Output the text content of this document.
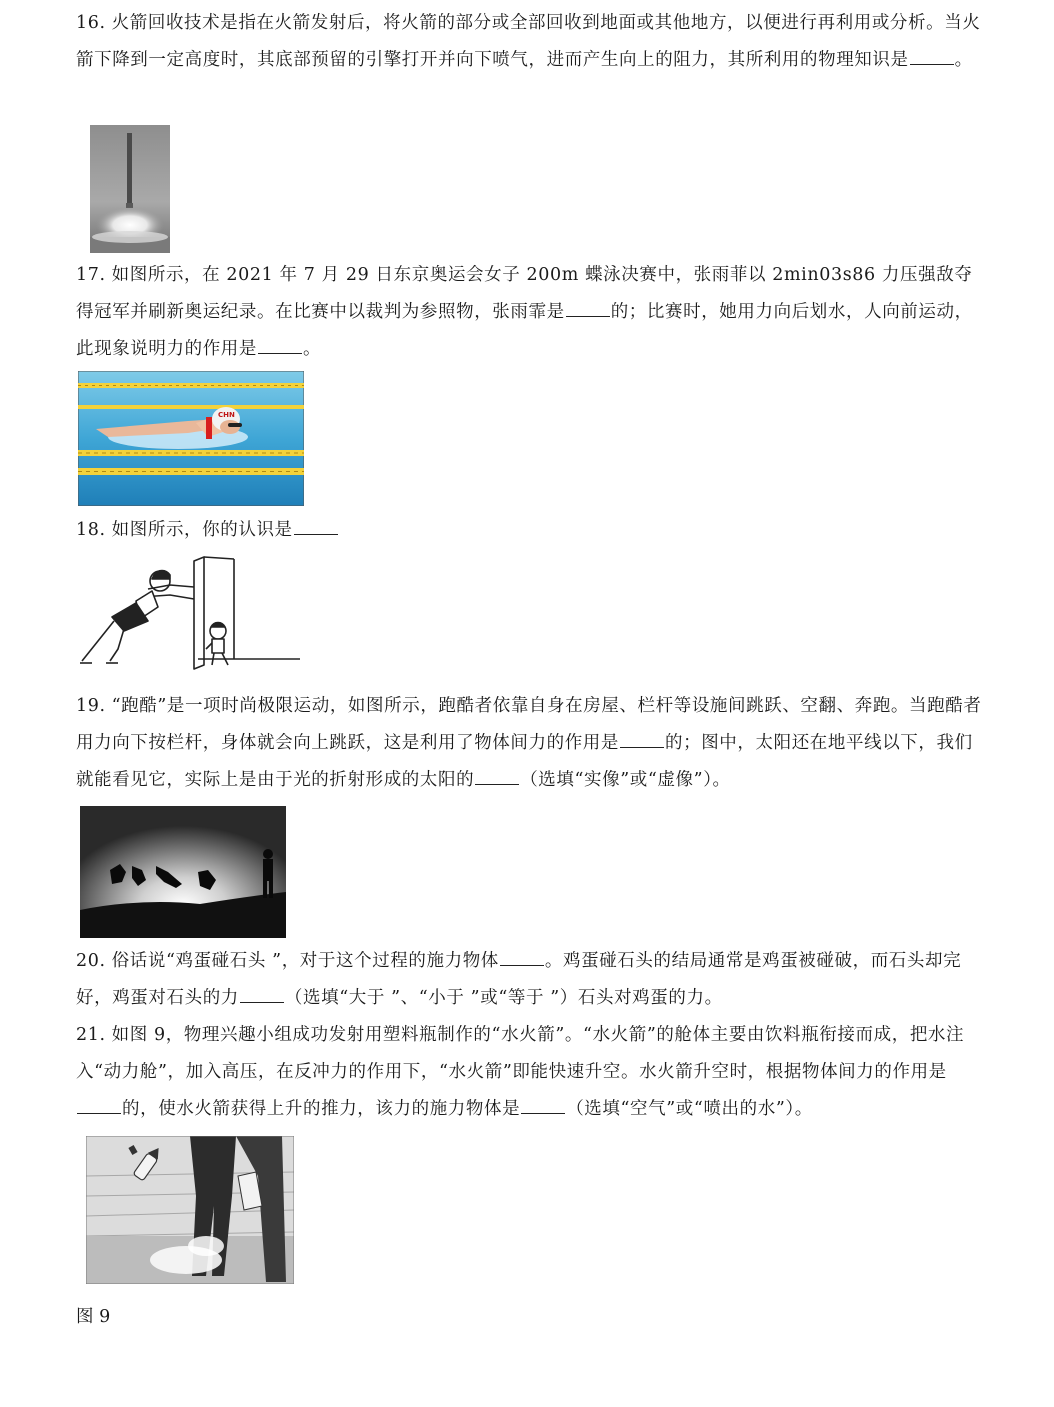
16. 火箭回收技术是指在火箭发射后，将火箭的部分或全部回收到地面或其他地方，以便进行再利用或分析。当火箭下降到一定高度时，其底部预留的引擎打开并向下喷气，进而产生向上的阻力，其所利用的物理知识是	。

17. 如图所示，在 2021 年 7 月 29 日东京奥运会女子 200m 蝶泳决赛中，张雨菲以 2min03s86 力压强敌夺得冠军并刷新奥运纪录。在比赛中以裁判为参照物，张雨霏是	的；比赛时，她用力向后划水，人向前运动，此现象说明力的作用是	。

CHN

18. 如图所示，你的认识是

19. “跑酷”是一项时尚极限运动，如图所示，跑酷者依靠自身在房屋、栏杆等设施间跳跃、空翻、奔跑。当跑酷者用力向下按栏杆，身体就会向上跳跃，这是利用了物体间力的作用是	的；图中，太阳还在地平线以下，我们就能看见它，实际上是由于光的折射形成的太阳的	（选填“实像”或“虚像”）。

20. 俗话说“鸡蛋碰石头 ”，对于这个过程的施力物体	。鸡蛋碰石头的结局通常是鸡蛋被碰破，而石头却完好，鸡蛋对石头的力	（选填“大于 ”、“小于 ”或“等于 ”）石头对鸡蛋的力。

21. 如图 9，物理兴趣小组成功发射用塑料瓶制作的“水火箭”。“水火箭”的舱体主要由饮料瓶衔接而成，把水注入“动力舱”，加入高压，在反冲力的作用下，“水火箭”即能快速升空。水火箭升空时，根据物体间力的作用是的，使水火箭获得上升的推力，该力的施力物体是	（选填“空气”或“喷出的水”）。

图 9
